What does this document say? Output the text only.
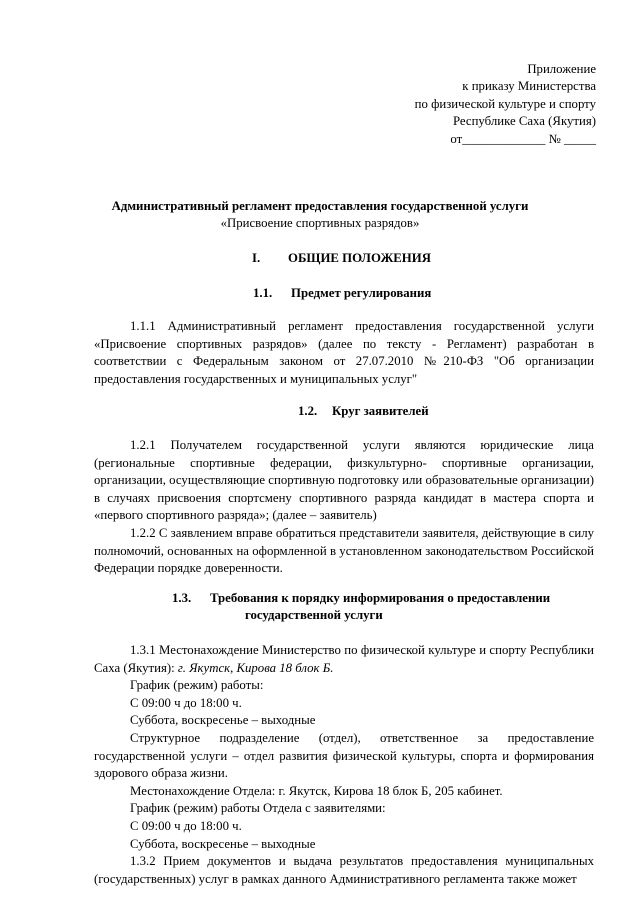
Приложение
к приказу Министерства
по физической культуре и спорту
Республике Саха (Якутия)
от_____________ № _____
Административный регламент предоставления государственной услуги
«Присвоение спортивных разрядов»
I. ОБЩИЕ ПОЛОЖЕНИЯ
1.1. Предмет регулирования
1.1.1 Административный регламент предоставления государственной услуги «Присвоение спортивных разрядов» (далее по тексту - Регламент) разработан в соответствии с Федеральным законом от 27.07.2010 №210-ФЗ "Об организации предоставления государственных и муниципальных услуг"
1.2. Круг заявителей
1.2.1 Получателем государственной услуги являются юридические лица (региональные спортивные федерации, физкультурно- спортивные организации, организации, осуществляющие спортивную подготовку или образовательные организации) в случаях присвоения спортсмену спортивного разряда кандидат в мастера спорта и «первого спортивного разряда»; (далее – заявитель)
1.2.2 С заявлением вправе обратиться представители заявителя, действующие в силу полномочий, основанных на оформленной в установленном законодательством Российской Федерации порядке доверенности.
1.3. Требования к порядку информирования о предоставлении
государственной услуги
1.3.1 Местонахождение Министерство по физической культуре и спорту Республики Саха (Якутия): г. Якутск, Кирова 18 блок Б.
График (режим) работы:
С 09:00 ч до 18:00 ч.
Суббота, воскресенье – выходные
Структурное подразделение (отдел), ответственное за предоставление государственной услуги – отдел развития физической культуры, спорта и формирования здорового образа жизни.
Местонахождение Отдела: г. Якутск, Кирова 18 блок Б, 205 кабинет.
График (режим) работы Отдела с заявителями:
С 09:00 ч до 18:00 ч.
Суббота, воскресенье – выходные
1.3.2 Прием документов и выдача результатов предоставления муниципальных (государственных) услуг в рамках данного Административного регламента также может
